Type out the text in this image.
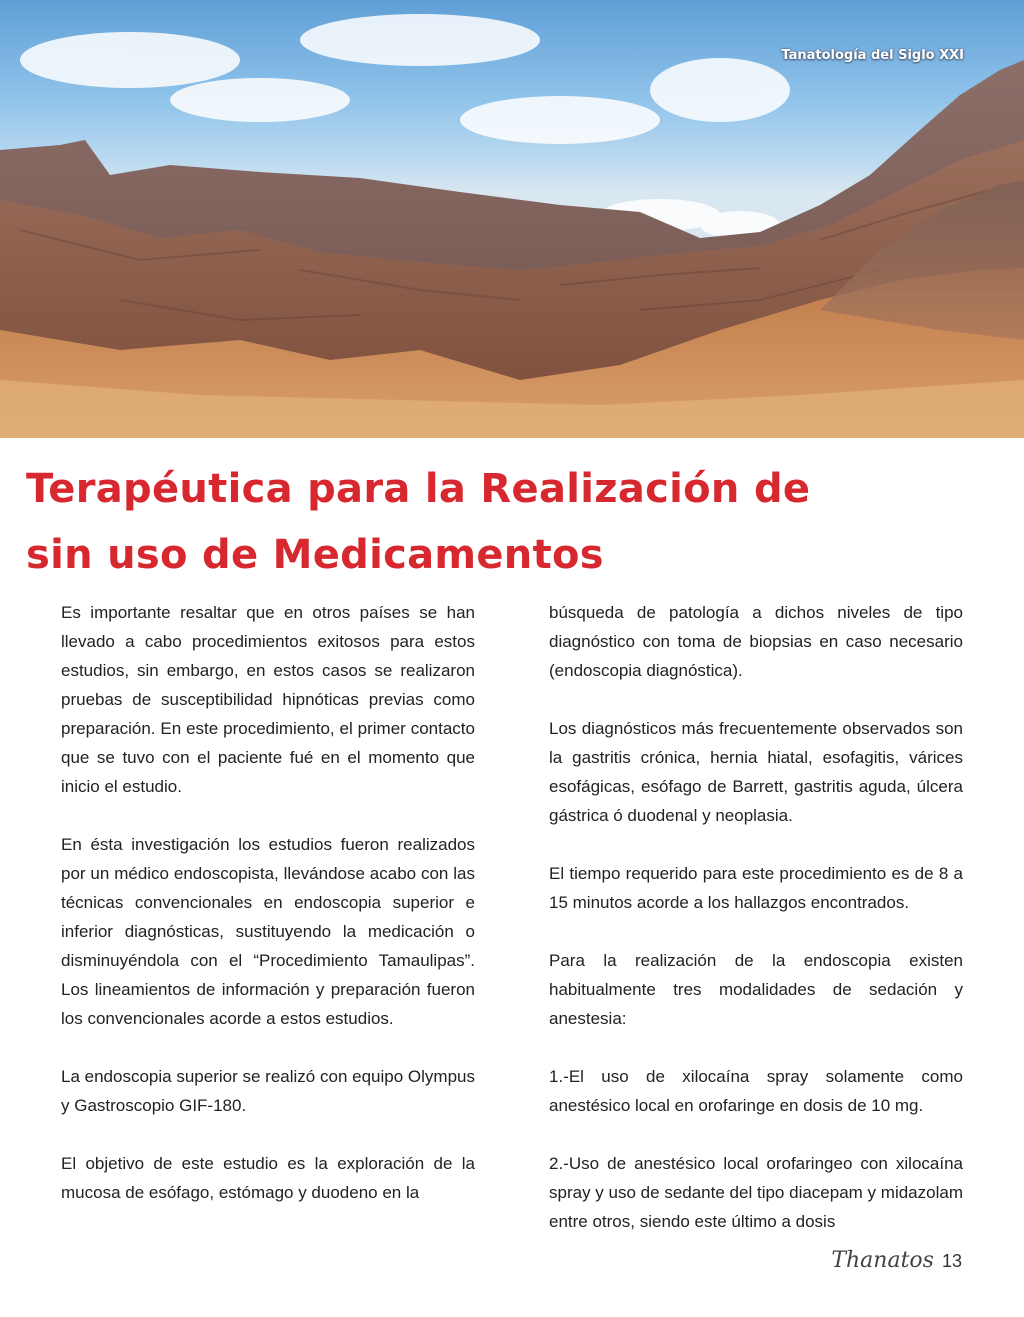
Tanatología del Siglo XXI
Terapéutica para la Realización de
sin uso de Medicamentos

Es importante resaltar que en otros países se han llevado a cabo procedimientos exitosos para estos estudios, sin embargo, en estos casos se realizaron pruebas de susceptibilidad hipnóticas previas como preparación. En este procedimiento, el primer contacto que se tuvo con el paciente fué en el momento que inicio el estudio.

En ésta investigación los estudios fueron realizados por un médico endoscopista, llevándose acabo con las técnicas convencionales en endoscopia superior e inferior diagnósticas, sustituyendo la medicación o disminuyéndola con el “Procedimiento Tamaulipas”. Los lineamientos de información y preparación fueron los convencionales acorde a estos estudios.

La endoscopia superior se realizó con equipo Olympus y Gastroscopio GIF-180.

El objetivo de este estudio es la exploración de la mucosa de esófago, estómago y duodeno en la

búsqueda de patología a dichos niveles de tipo diagnóstico con toma de biopsias en caso necesario (endoscopia diagnóstica).

Los diagnósticos más frecuentemente observados son la gastritis crónica, hernia hiatal, esofagitis, várices esofágicas, esófago de Barrett, gastritis aguda, úlcera gástrica ó duodenal y neoplasia.

El tiempo requerido para este procedimiento es de 8 a 15 minutos acorde a los hallazgos encontrados.

Para la realización de la endoscopia existen habitualmente tres modalidades de sedación y anestesia:

1.-El uso de xilocaína spray solamente como anestésico local en orofaringe en dosis de 10 mg.

2.-Uso de anestésico local orofaringeo con xilocaína spray y uso de sedante del tipo diacepam y midazolam entre otros, siendo este último a dosis

Thanatos 13
